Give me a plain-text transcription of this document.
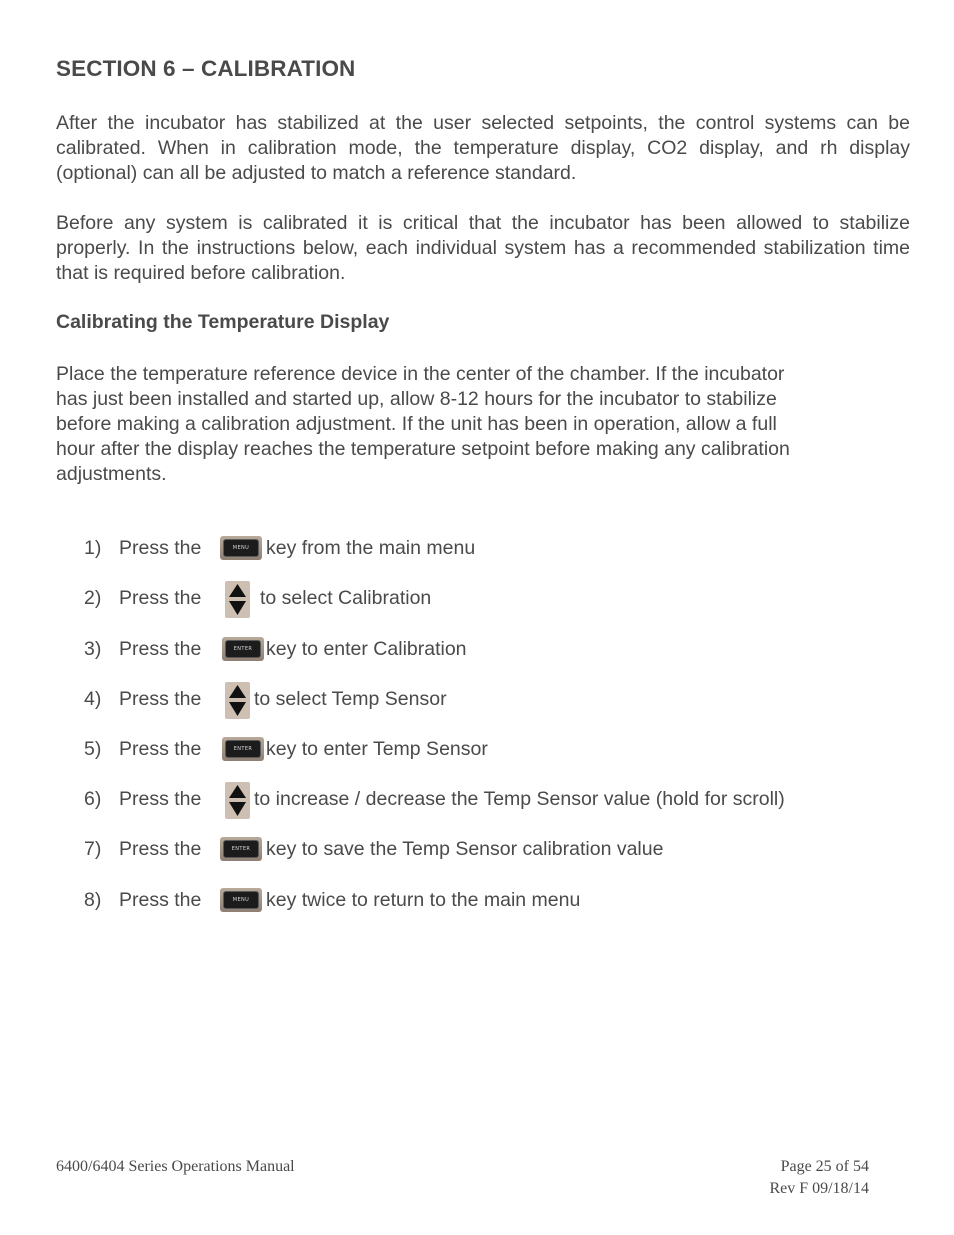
SECTION 6 – CALIBRATION

After the incubator has stabilized at the user selected setpoints, the control systems can be calibrated. When in calibration mode, the temperature display, CO2 display, and rh display (optional) can all be adjusted to match a reference standard.

Before any system is calibrated it is critical that the incubator has been allowed to stabilize properly. In the instructions below, each individual system has a recommended stabilization time that is required before calibration.

Calibrating the Temperature Display
Place the temperature reference device in the center of the chamber. If the incubator
has just been installed and started up, allow 8-12 hours for the incubator to stabilize
before making a calibration adjustment. If the unit has been in operation, allow a full
hour after the display reaches the temperature setpoint before making any calibration
adjustments.
1) Press the	MENU key from the main menu
2) Press the	to select Calibration
3) Press the	ENTER key to enter Calibration
4) Press the	to select Temp Sensor
5) Press the	ENTER key to enter Temp Sensor
6) Press the	to increase / decrease the Temp Sensor value (hold for scroll)
7) Press the	ENTER key to save the Temp Sensor calibration value
8) Press the	MENU key twice to return to the main menu
6400/6404 Series Operations Manual	Page 25 of 54
Rev F 09/18/14
